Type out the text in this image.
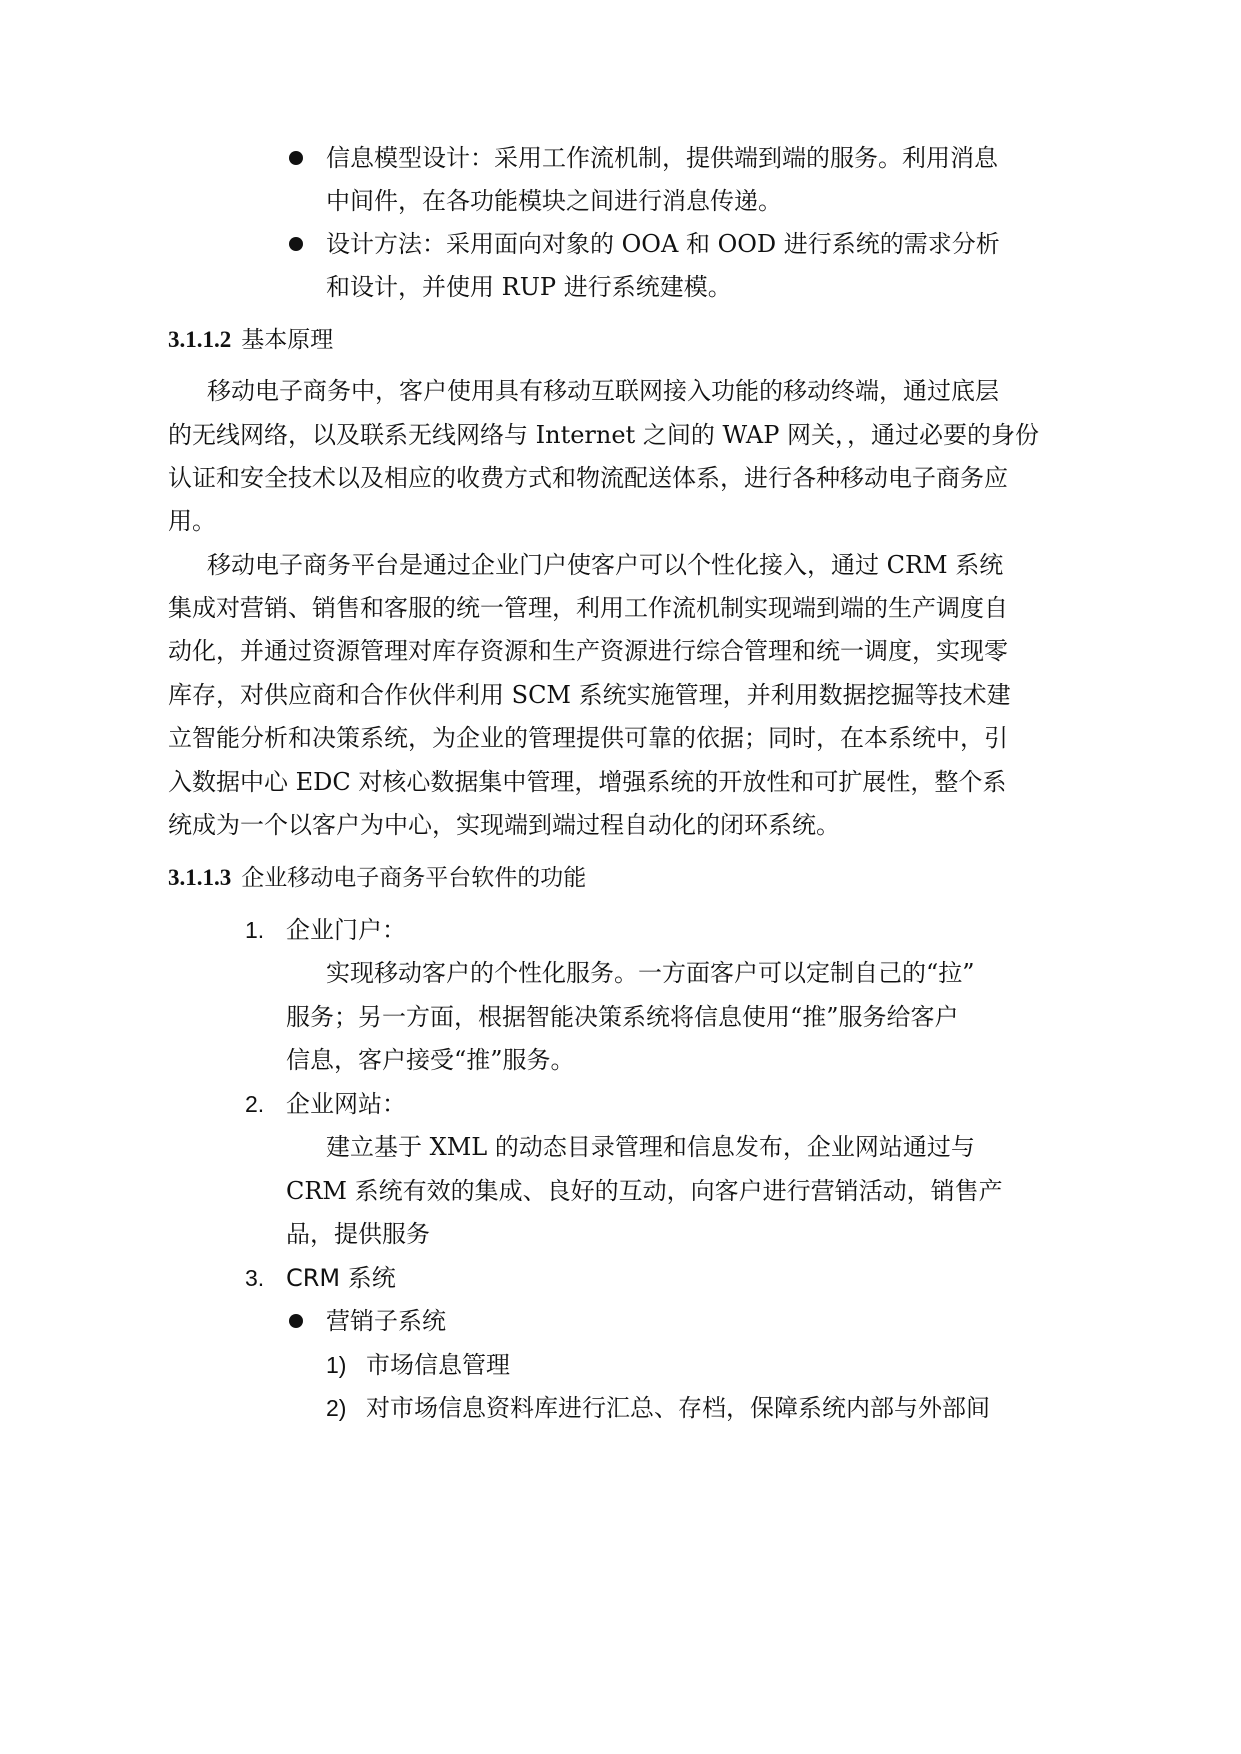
信息模型设计：采用工作流机制，提供端到端的服务。利用消息
中间件，在各功能模块之间进行消息传递。
设计方法：采用面向对象的 OOA 和 OOD 进行系统的需求分析
和设计，并使用 RUP 进行系统建模。
3.1.1.2 基本原理
移动电子商务中，客户使用具有移动互联网接入功能的移动终端，通过底层
的无线网络，以及联系无线网络与 Internet 之间的 WAP 网关，，通过必要的身份
认证和安全技术以及相应的收费方式和物流配送体系，进行各种移动电子商务应
用。
移动电子商务平台是通过企业门户使客户可以个性化接入，通过 CRM 系统
集成对营销、销售和客服的统一管理，利用工作流机制实现端到端的生产调度自
动化，并通过资源管理对库存资源和生产资源进行综合管理和统一调度，实现零
库存，对供应商和合作伙伴利用 SCM 系统实施管理，并利用数据挖掘等技术建
立智能分析和决策系统，为企业的管理提供可靠的依据；同时，在本系统中，引
入数据中心 EDC 对核心数据集中管理，增强系统的开放性和可扩展性，整个系
统成为一个以客户为中心，实现端到端过程自动化的闭环系统。
3.1.1.3 企业移动电子商务平台软件的功能
1. 企业门户：
实现移动客户的个性化服务。一方面客户可以定制自己的“拉”
服务；另一方面，根据智能决策系统将信息使用“推”服务给客户
信息，客户接受“推”服务。
2. 企业网站：
建立基于 XML 的动态目录管理和信息发布，企业网站通过与
CRM 系统有效的集成、良好的互动，向客户进行营销活动，销售产
品，提供服务
3. CRM 系统
营销子系统
1) 市场信息管理
2) 对市场信息资料库进行汇总、存档，保障系统内部与外部间
